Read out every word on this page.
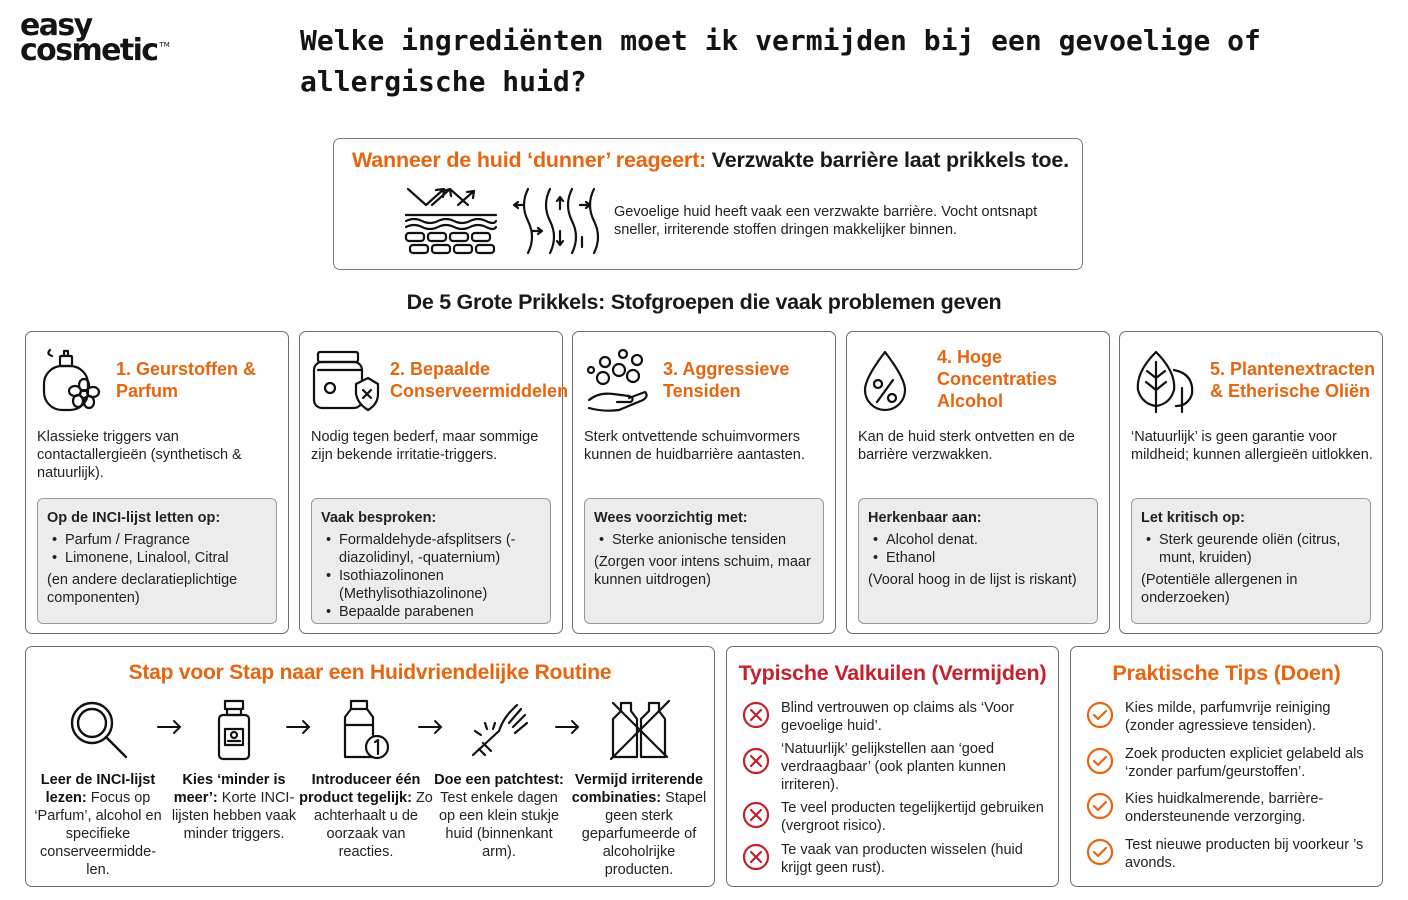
easy
cosmetic ™	Welke ingrediënten moet ik vermijden bij een gevoelige of allergische huid?
Wanneer de huid ‘dunner’ reageert: Verzwakte barrière laat prikkels toe.

Gevoelige huid heeft vaak een verzwakte barrière. Vocht ontsnapt sneller, irriterende stoffen dringen makkelijker binnen.

De 5 Grote Prikkels: Stofgroepen die vaak problemen geven
1. Geurstoffen & Parfum

Klassieke triggers van contactallergieën (synthetisch & natuurlijk).

Op de INCI-lijst letten op:
• Parfum / Fragrance
• Limonene, Linalool, Citral

(en andere declaratieplichtige componenten)

2. Bepaalde Conserveermiddelen

Nodig tegen bederf, maar sommige zijn bekende irritatie-triggers.

Vaak besproken:
• Formaldehyde-afsplitsers (-diazolidinyl, -quaternium)
• Isothiazolinonen (Methylisothiazolinone)
• Bepaalde parabenen
3. Aggressieve Tensiden

Sterk ontvettende schuimvormers kunnen de huidbarrière aantasten.

Wees voorzichtig met:
• Sterke anionische tensiden

(Zorgen voor intens schuim, maar kunnen uitdrogen)

4. Hoge Concentraties Alcohol

Kan de huid sterk ontvetten en de barrière verzwakken.

Herkenbaar aan:
• Alcohol denat.
• Ethanol

(Vooral hoog in de lijst is riskant)

5. Plantenextracten & Etherische Oliën

‘Natuurlijk’ is geen garantie voor mildheid; kunnen allergieën uitlokken.

Let kritisch op:
• Sterk geurende oliën (citrus, munt, kruiden)

(Potentiële allergenen in onderzoeken)

Stap voor Stap naar een Huidvriendelijke Routine

Leer de INCI-lijst lezen: Focus op ‘Parfum’, alcohol en specifieke conserveermidde-len.

Kies ‘minder is meer’: Korte INCI-lijsten hebben vaak minder triggers.

Introduceer één product tegelijk: Zo achterhaalt u de oorzaak van reacties.

Doe een patchtest: Test enkele dagen op een klein stukje huid (binnenkant arm).

Vermijd irriterende combinaties: Stapel geen sterk geparfumeerde of alcoholrijke producten.

Typische Valkuilen (Vermijden)
Blind vertrouwen op claims als ‘Voor gevoelige huid’.
‘Natuurlijk’ gelijkstellen aan ‘goed verdraagbaar’ (ook planten kunnen irriteren).
Te veel producten tegelijkertijd gebruiken (vergroot risico).
Te vaak van producten wisselen (huid krijgt geen rust).
Praktische Tips (Doen)
Kies milde, parfumvrije reiniging (zonder agressieve tensiden).
Zoek producten expliciet gelabeld als ‘zonder parfum/geurstoffen’.
Kies huidkalmerende, barrière-ondersteunende verzorging.
Test nieuwe producten bij voorkeur ’s avonds.
